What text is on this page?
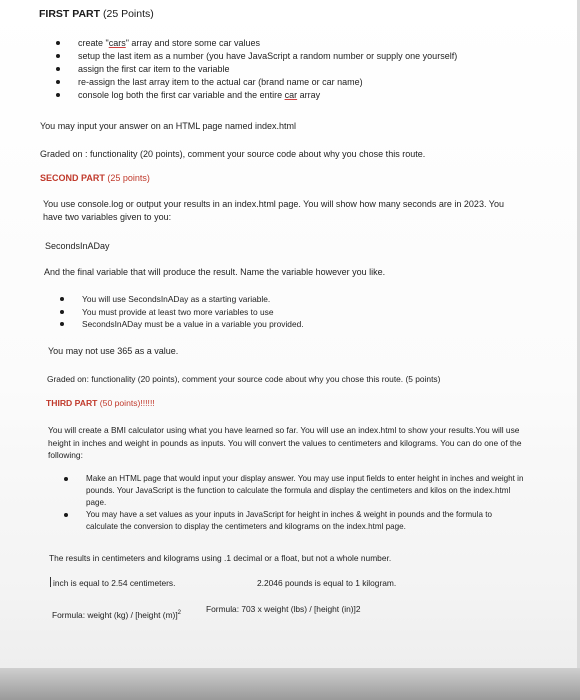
FIRST PART (25 Points)
create "cars" array and store some car values
setup the last item as a number (you have JavaScript a random number or supply one yourself)
assign the first car item to the variable
re-assign the last array item to the actual car (brand name or car name)
console log both the first car variable and the entire car array
You may input your answer on an HTML page named index.html
Graded on : functionality (20 points), comment your source code about why you chose this route.
SECOND PART (25 points)
You use console.log or output your results in an index.html page. You will show how many seconds are in 2023. You have two variables given to you:
SecondsInADay
And the final variable that will produce the result. Name the variable however you like.
You will use SecondsInADay as a starting variable.
You must provide at least two more variables to use
SecondsInADay must be a value in a variable you provided.
You may not use 365 as a value.
Graded on: functionality (20 points), comment your source code about why you chose this route. (5 points)
THIRD PART (50 points)!!!!!!
You will create a BMI calculator using what you have learned so far. You will use an index.html to show your results.You will use height in inches and weight in pounds as inputs. You will convert the values to centimeters and kilograms. You can do one of the following:
Make an HTML page that would input your display answer. You may use input fields to enter height in inches and weight in pounds. Your JavaScript is the function to calculate the formula and display the centimeters and kilos on the index.html page.
You may have a set values as your inputs in JavaScript for height in inches & weight in pounds and the formula to calculate the conversion to display the centimeters and kilograms on the index.html page.
The results in centimeters and kilograms using .1 decimal or a float, but not a whole number.
inch is equal to 2.54 centimeters.	2.2046 pounds is equal to 1 kilogram.
Formula: weight (kg) / [height (m)]$^2$	Formula: 703 x weight (lbs) / [height (in)]2
